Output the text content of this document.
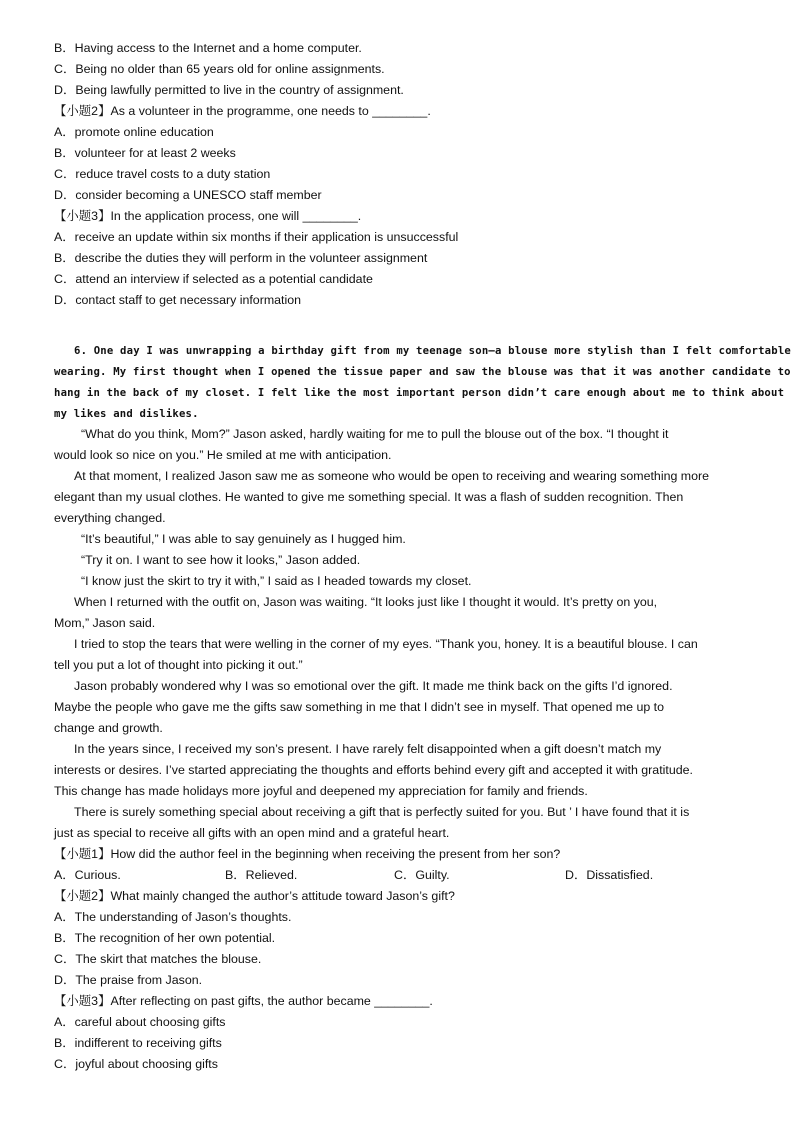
B．Having access to the Internet and a home computer.
C．Being no older than 65 years old for online assignments.
D．Being lawfully permitted to live in the country of assignment.
【小题2】As a volunteer in the programme, one needs to ________.
A．promote online education
B．volunteer for at least 2 weeks
C．reduce travel costs to a duty station
D．consider becoming a UNESCO staff member
【小题3】In the application process, one will ________.
A．receive an update within six months if their application is unsuccessful
B．describe the duties they will perform in the volunteer assignment
C．attend an interview if selected as a potential candidate
D．contact staff to get necessary information
6. One day I was unwrapping a birthday gift from my teenage son—a blouse more stylish than I felt comfortable
wearing. My first thought when I opened the tissue paper and saw the blouse was that it was another candidate to
hang in the back of my closet. I felt like the most important person didn’t care enough about me to think about
my likes and dislikes.
“What do you think, Mom?” Jason asked, hardly waiting for me to pull the blouse out of the box. “I thought it
would look so nice on you.” He smiled at me with anticipation.
At that moment, I realized Jason saw me as someone who would be open to receiving and wearing something more
elegant than my usual clothes. He wanted to give me something special. It was a flash of sudden recognition. Then
everything changed.
“It’s beautiful,” I was able to say genuinely as I hugged him.
“Try it on. I want to see how it looks,” Jason added.
“I know just the skirt to try it with,” I said as I headed towards my closet.
When I returned with the outfit on, Jason was waiting. “It looks just like I thought it would. It’s pretty on you,
Mom,” Jason said.
I tried to stop the tears that were welling in the corner of my eyes. “Thank you, honey. It is a beautiful blouse. I can
tell you put a lot of thought into picking it out.”
Jason probably wondered why I was so emotional over the gift. It made me think back on the gifts I’d ignored.
Maybe the people who gave me the gifts saw something in me that I didn’t see in myself. That opened me up to
change and growth.
In the years since, I received my son’s present. I have rarely felt disappointed when a gift doesn’t match my
interests or desires. I’ve started appreciating the thoughts and efforts behind every gift and accepted it with gratitude.
This change has made holidays more joyful and deepened my appreciation for family and friends.
There is surely something special about receiving a gift that is perfectly suited for you. But ’ I have found that it is
just as special to receive all gifts with an open mind and a grateful heart.
【小题1】How did the author feel in the beginning when receiving the present from her son?
A．Curious.	B．Relieved.	C．Guilty.	D．Dissatisfied.
【小题2】What mainly changed the author’s attitude toward Jason’s gift?
A．The understanding of Jason’s thoughts.
B．The recognition of her own potential.
C．The skirt that matches the blouse.
D．The praise from Jason.
【小题3】After reflecting on past gifts, the author became ________.
A．careful about choosing gifts
B．indifferent to receiving gifts
C．joyful about choosing gifts
